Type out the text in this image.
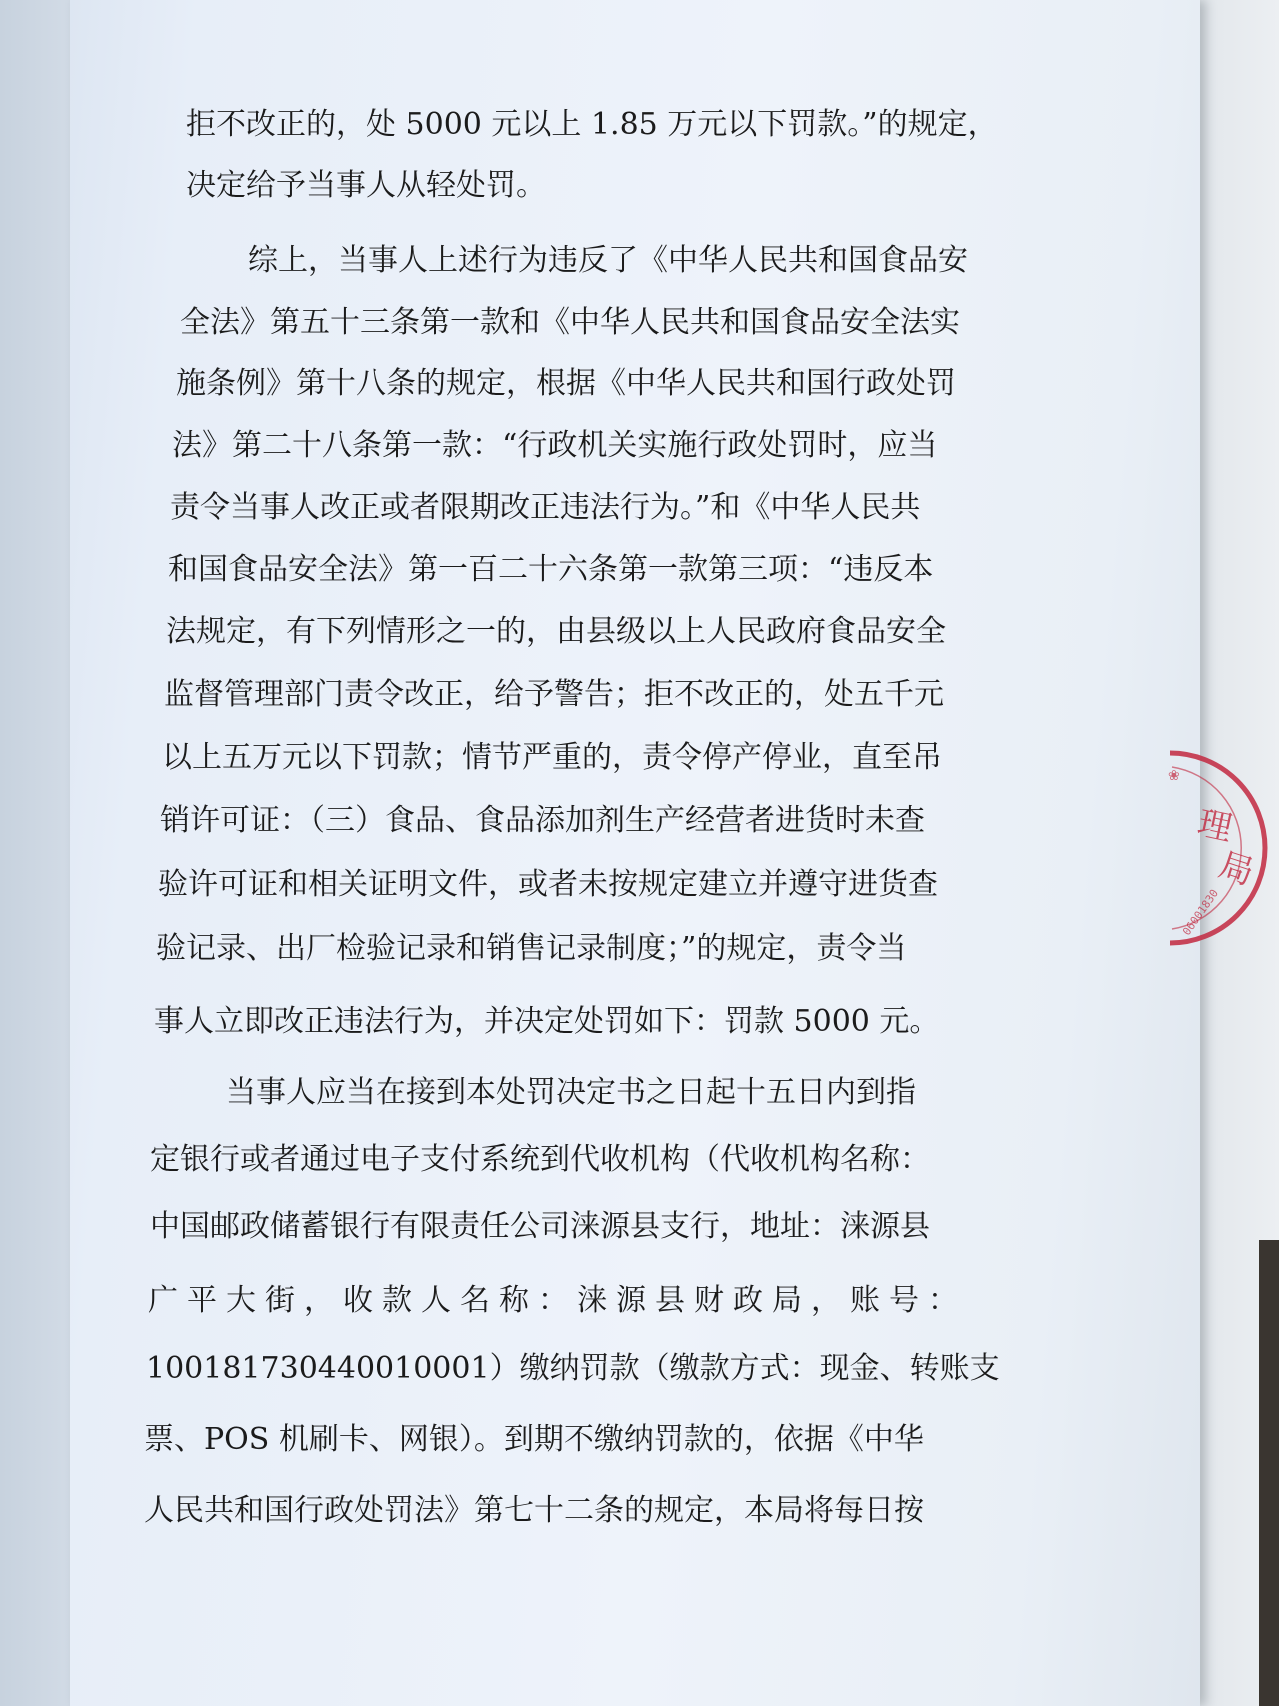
拒不改正的，处 5000 元以上 1.85 万元以下罚款。”的规定，

决定给予当事人从轻处罚。

综上，当事人上述行为违反了《中华人民共和国食品安

全法》第五十三条第一款和《中华人民共和国食品安全法实

施条例》第十八条的规定，根据《中华人民共和国行政处罚

法》第二十八条第一款：“行政机关实施行政处罚时，应当

责令当事人改正或者限期改正违法行为。”和《中华人民共

和国食品安全法》第一百二十六条第一款第三项：“违反本

法规定，有下列情形之一的，由县级以上人民政府食品安全

监督管理部门责令改正，给予警告；拒不改正的，处五千元

以上五万元以下罚款；情节严重的，责令停产停业，直至吊

销许可证：（三）食品、食品添加剂生产经营者进货时未查

验许可证和相关证明文件，或者未按规定建立并遵守进货查

验记录、出厂检验记录和销售记录制度；”的规定，责令当

事人立即改正违法行为，并决定处罚如下：罚款 5000 元。

当事人应当在接到本处罚决定书之日起十五日内到指

定银行或者通过电子支付系统到代收机构（代收机构名称：

中国邮政储蓄银行有限责任公司涞源县支行，地址：涞源县

广平大街，收款人名称：涞源县财政局，账号：

100181730440010001）缴纳罚款（缴款方式：现金、转账支

票、POS 机刷卡、网银）。到期不缴纳罚款的，依据《中华

人民共和国行政处罚法》第七十二条的规定，本局将每日按

❀
理
局
06001830
